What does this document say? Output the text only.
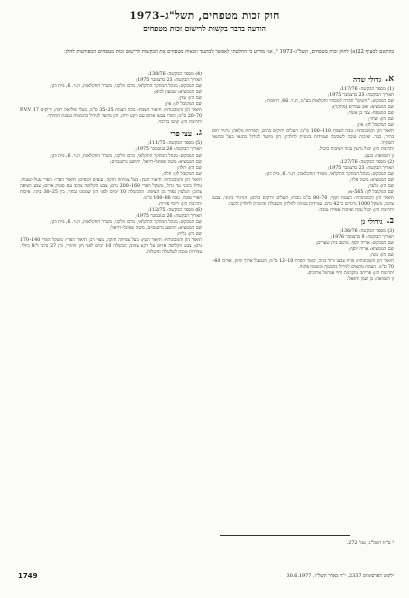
חוק זכות מטפחים, תשל"ג–1973
הודעה בדבר בקשות לרישום זכות מטפחים
בהתאם לסעיף 22(א) לחוק זכות מטפחים, תשל"ג–1973 ¹, אני מודיע כי החלטתי לאפשר למתנגד וזכאות מטפחים את הבקשות לרישום זכות מטפחים המפורטות להלן:
א.
גדולי שדה

(1) מספר הבקשה: 117/76;

תאריך הבקשה: 23 בדצמבר 1975;

שם המבקש: "זרעים" חברה למסחר וחקלאות בע"מ, ת.ד. 66, רחובות;

שם הממציא: זאב עמירם (מחקר);

שם המטפח: צבי בן אשר;

שם הזן: שחר;

שם המקובל לזן: אין;

תיאור הזן והמכונותיו: גובה הצמח 110–100 ס"מ. העלים ירוקים כהים, תפרחת מלאה; גרגיר חום בהיר, כבד. יציבות טובה לשכיבה ועמידות בינונית לחלדון. הזן מיועד לגידול בתנאי בעל ובתנאי השקיה.

יתרונות הזן: יבול גרעין גבוה ויציבות ביבול.

זן השוואה: כנען.

(2) מספר הבקשה: 127/76;

תאריך הבקשה: 23 בדצמבר 1975;

שם המבקש: מנהל המחקר החקלאי, משרד החקלאות, ת.ד. 6, בית דגן;

שם הממציא: משה פלד;

שם הזן: גלעד;

שם המקובל לזן: 565–א;

תיאור הזן והמכונותיו: הצמח זקוף, 70–80 ס"מ גובהו; העלים ירוקים כהים; הגרגיר בינוני, צבעו צהוב, משקל 1000 גרגרים כ־42 גרם. עמידות גבוהה לחלדון השבולת ובינונית לחלדון הקנה.

יתרונות הזן: יבול גבוה ואיכות אפייה טובה.

ב.
גידולי גן

(3) מספר הבקשה: 136/76;

תאריך הבקשה: 9 בדצמבר 1976;

שם המבקש: אריה יוסף, מושב בית שערים;

שם הממציא: אריה יוסף;

שם הזן: נוגה;

תיאור הזן והמכונותיו: פרח צבעו ורוד כהה, קוטר הפרח 10–12 ס"מ; הגבעול ארוך וחזק, אורכו 60–70 ס"מ. הצמח מתאים לגידול בחממה ובשטח פתוח.

יתרונות הזן: פריחה מוקדמת וחיי אגרטל ארוכים.

זן השוואה: בן שמן ורפאל.

(4) מספר הבקשה: 138/76;

תאריך הבקשה: 23 בדצמבר 1975;

שם המבקש: מנהל המחקר החקלאי, מרכז וולקני, משרד החקלאות, ת.ד. 6, בית דגן;

שם הממציא: שמעון לביא;

שם הזן: עדן;

שם המקובל לזן: אין;

תיאור הזן והמכונותיו: תיאור הצמח: גובה הצמח 25–35 ס"מ, בעלי פוליאה רבה; ירוקים P.V.V 17 20–70 ס"מ; הפרי צבעו אדום עם רקע ירוק. הזן מיועד לגידול בחממות בעונת החורף.

יתרונות הזן: קושי בריבוי.

ג.
עצי פרי

(5) מספר הבקשה: 111/75;

תאריך הבקשה: 26 בנובמבר 1975;

שם המבקש: מנהל המחקר החקלאי, מרכז וולקני, משרד החקלאות, ת.ד. 6, בית דגן;

שם הממציא: משה שפיגל–רויאל, יהושע גרשנבוים;

שם הזן: חלה;

שם המקובל לזן: חלה;

תיאור הזן והמכונותיו: תיאור העץ: בעל צמיחה חזקה, ענפים זקופים; תיאור הפרי: הפרי עגול–שטוח, גודלו בינוני עד גדול, משקל הפרי 160–200 גרם; צבע הקליפה צהוב עם סומק אדום; צבע הציפה צהוב; הגלעין נפרד מן הציפה. ההבשלה 10 ימים לפני הזן שממנו נבחר, בין 25–30 ביוני. איכות הפרי טובה. גובה 80–100 ס"מ.

יתרונות הזן: ריבוי פירות.

(6) מספר הבקשה: 112/75;

תאריך הבקשה: 26 בנובמבר 1975;

שם המבקש: מנהל המחקר החקלאי, מרכז וולקני, משרד החקלאות, ת.ד. 6, בית דגן;

שם הממציא: יהושע גרשנבוים, משה שפיגל–רויאל;

שם הזן: גלית;

תיאור הזן והמכונותיו: תיאור העץ: בעל צמיחה חזקה, מצוי רב; תיאור הפרי: משקל הפרי 140–170 גרם; צבע הקליפה אדום על רקע צהוב; הבשלה 10 ימים לפני הזן ההורי, בין 27 ביוני ל־8 ביולי. עמידות טובה לטלטלה ומשלוח.

¹ ס"ח תשל"ג, עמ' 272.
1749	ילקוט הפרסומים 2337, י"ד באדר תשל"ז, 30.6.1977
